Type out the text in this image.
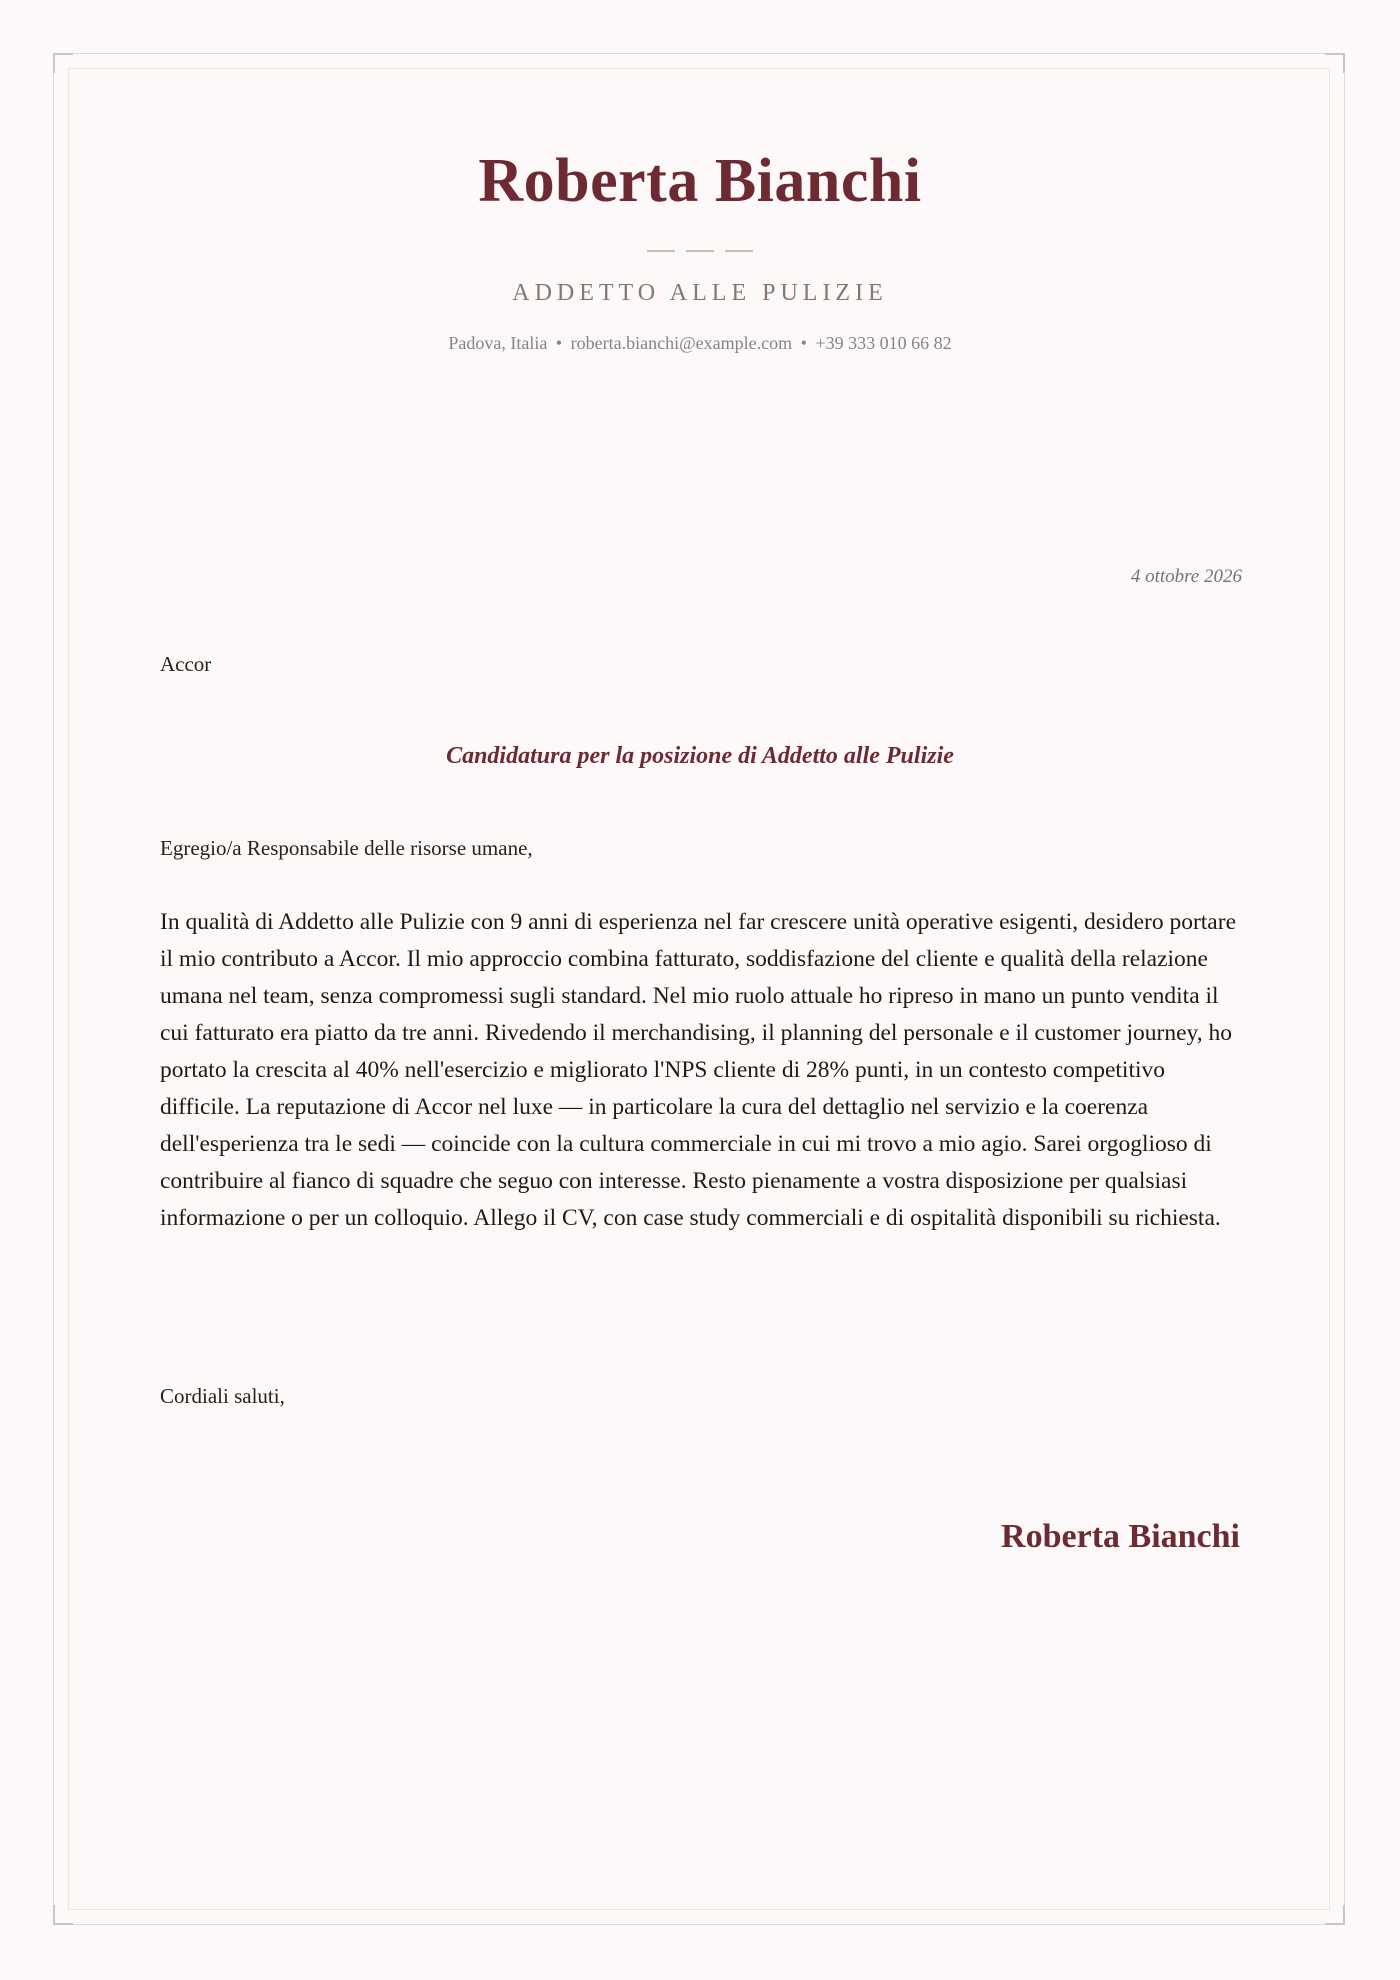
Roberta Bianchi
ADDETTO ALLE PULIZIE
Padova, Italia • roberta.bianchi@example.com • +39 333 010 66 82
4 ottobre 2026
Accor
Candidatura per la posizione di Addetto alle Pulizie
Egregio/a Responsabile delle risorse umane,

In qualità di Addetto alle Pulizie con 9 anni di esperienza nel far crescere unità operative esigenti, desidero portare il mio contributo a Accor. Il mio approccio combina fatturato, soddisfazione del cliente e qualità della relazione umana nel team, senza compromessi sugli standard. Nel mio ruolo attuale ho ripreso in mano un punto vendita il cui fatturato era piatto da tre anni. Rivedendo il merchandising, il planning del personale e il customer journey, ho portato la crescita al 40% nell'esercizio e migliorato l'NPS cliente di 28% punti, in un contesto competitivo difficile. La reputazione di Accor nel luxe — in particolare la cura del dettaglio nel servizio e la coerenza dell'esperienza tra le sedi — coincide con la cultura commerciale in cui mi trovo a mio agio. Sarei orgoglioso di contribuire al fianco di squadre che seguo con interesse. Resto pienamente a vostra disposizione per qualsiasi informazione o per un colloquio. Allego il CV, con case study commerciali e di ospitalità disponibili su richiesta.

Cordiali saluti,
Roberta Bianchi
